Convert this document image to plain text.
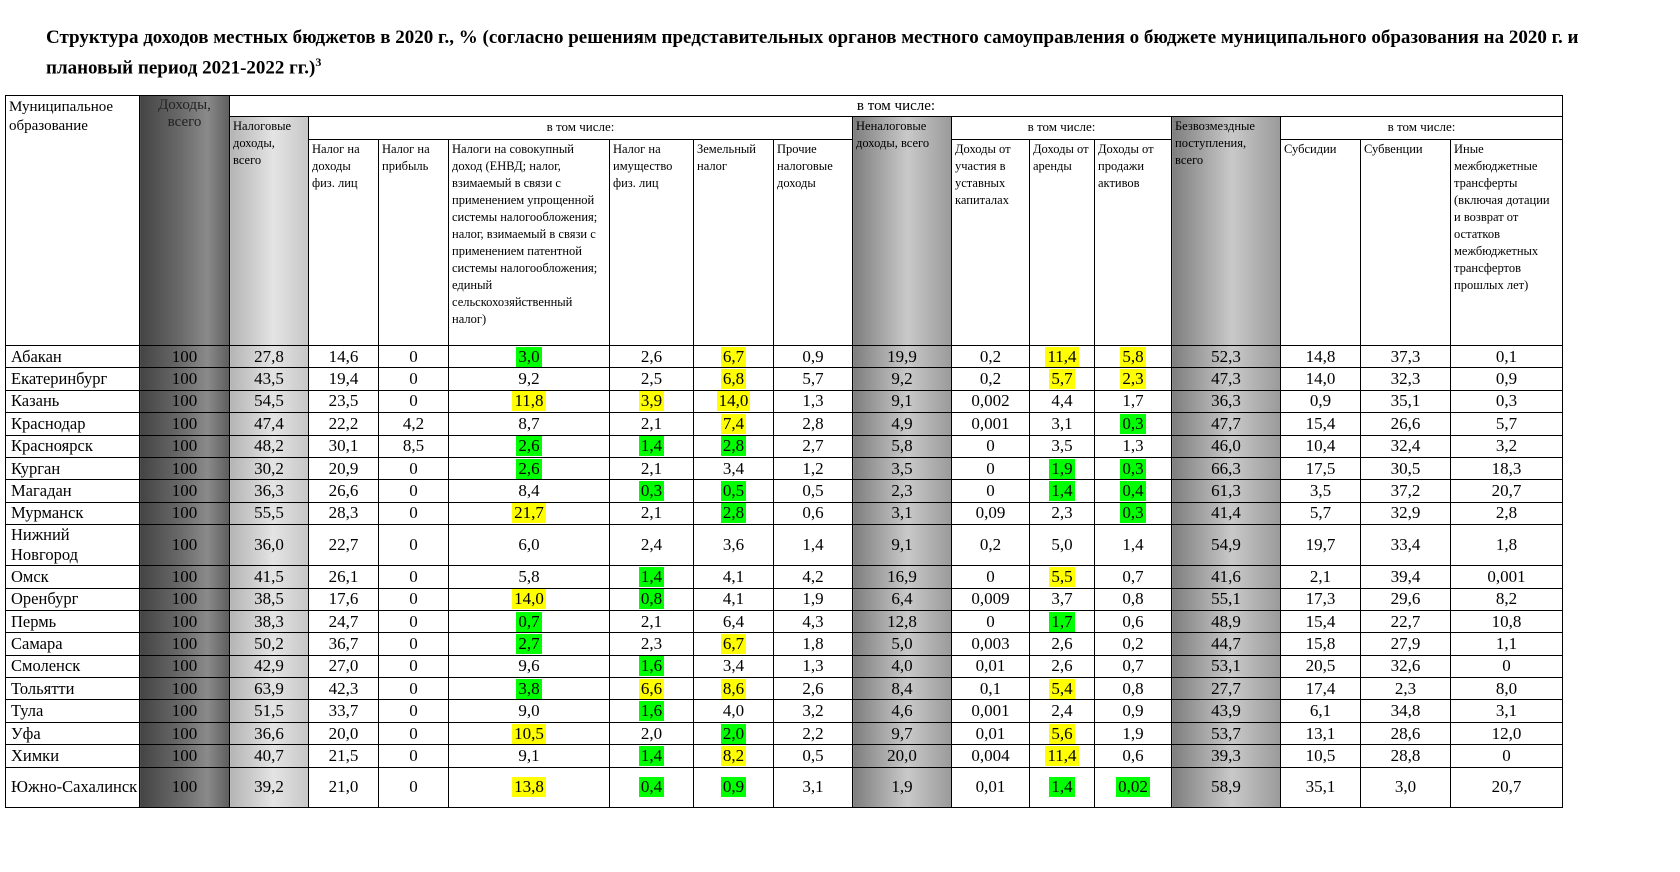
Структура доходов местных бюджетов в 2020 г., % (согласно решениям представительных органов местного самоуправления о бюджете муниципального образования на 2020 г. и плановый период 2021-2022 гг.)$^3$
Муниципальное образование	Доходы, всего	в том числе:														
		Налоговые доходы, всего	в том числе:						Неналоговые доходы, всего	в том числе:			Безвозмездные поступления, всего	в том числе:		
			Налог на доходы физ. лиц	Налог на прибыль	Налоги на совокупный доход (ЕНВД; налог, взимаемый в связи с применением упрощенной системы налогообложения; налог, взимаемый в связи с применением патентной системы налогообложения; единый сельскохозяйственный налог)	Налог на имущество физ. лиц	Земельный налог	Прочие налоговые доходы		Доходы от участия в уставных капиталах	Доходы от аренды	Доходы от продажи активов		Субсидии	Субвенции	Иные межбюджетные трансферты (включая дотации и возврат от остатков межбюджетных трансфертов прошлых лет)
Абакан	100	27,8	14,6	0	3,0	2,6	6,7	0,9	19,9	0,2	11,4	5,8	52,3	14,8	37,3	0,1
Екатеринбург	100	43,5	19,4	0	9,2	2,5	6,8	5,7	9,2	0,2	5,7	2,3	47,3	14,0	32,3	0,9
Казань	100	54,5	23,5	0	11,8	3,9	14,0	1,3	9,1	0,002	4,4	1,7	36,3	0,9	35,1	0,3
Краснодар	100	47,4	22,2	4,2	8,7	2,1	7,4	2,8	4,9	0,001	3,1	0,3	47,7	15,4	26,6	5,7
Красноярск	100	48,2	30,1	8,5	2,6	1,4	2,8	2,7	5,8	0	3,5	1,3	46,0	10,4	32,4	3,2
Курган	100	30,2	20,9	0	2,6	2,1	3,4	1,2	3,5	0	1,9	0,3	66,3	17,5	30,5	18,3
Магадан	100	36,3	26,6	0	8,4	0,3	0,5	0,5	2,3	0	1,4	0,4	61,3	3,5	37,2	20,7
Мурманск	100	55,5	28,3	0	21,7	2,1	2,8	0,6	3,1	0,09	2,3	0,3	41,4	5,7	32,9	2,8
Нижний Новгород	100	36,0	22,7	0	6,0	2,4	3,6	1,4	9,1	0,2	5,0	1,4	54,9	19,7	33,4	1,8
Омск	100	41,5	26,1	0	5,8	1,4	4,1	4,2	16,9	0	5,5	0,7	41,6	2,1	39,4	0,001
Оренбург	100	38,5	17,6	0	14,0	0,8	4,1	1,9	6,4	0,009	3,7	0,8	55,1	17,3	29,6	8,2
Пермь	100	38,3	24,7	0	0,7	2,1	6,4	4,3	12,8	0	1,7	0,6	48,9	15,4	22,7	10,8
Самара	100	50,2	36,7	0	2,7	2,3	6,7	1,8	5,0	0,003	2,6	0,2	44,7	15,8	27,9	1,1
Смоленск	100	42,9	27,0	0	9,6	1,6	3,4	1,3	4,0	0,01	2,6	0,7	53,1	20,5	32,6	0
Тольятти	100	63,9	42,3	0	3,8	6,6	8,6	2,6	8,4	0,1	5,4	0,8	27,7	17,4	2,3	8,0
Тула	100	51,5	33,7	0	9,0	1,6	4,0	3,2	4,6	0,001	2,4	0,9	43,9	6,1	34,8	3,1
Уфа	100	36,6	20,0	0	10,5	2,0	2,0	2,2	9,7	0,01	5,6	1,9	53,7	13,1	28,6	12,0
Химки	100	40,7	21,5	0	9,1	1,4	8,2	0,5	20,0	0,004	11,4	0,6	39,3	10,5	28,8	0
Южно-Сахалинск	100	39,2	21,0	0	13,8	0,4	0,9	3,1	1,9	0,01	1,4	0,02	58,9	35,1	3,0	20,7
